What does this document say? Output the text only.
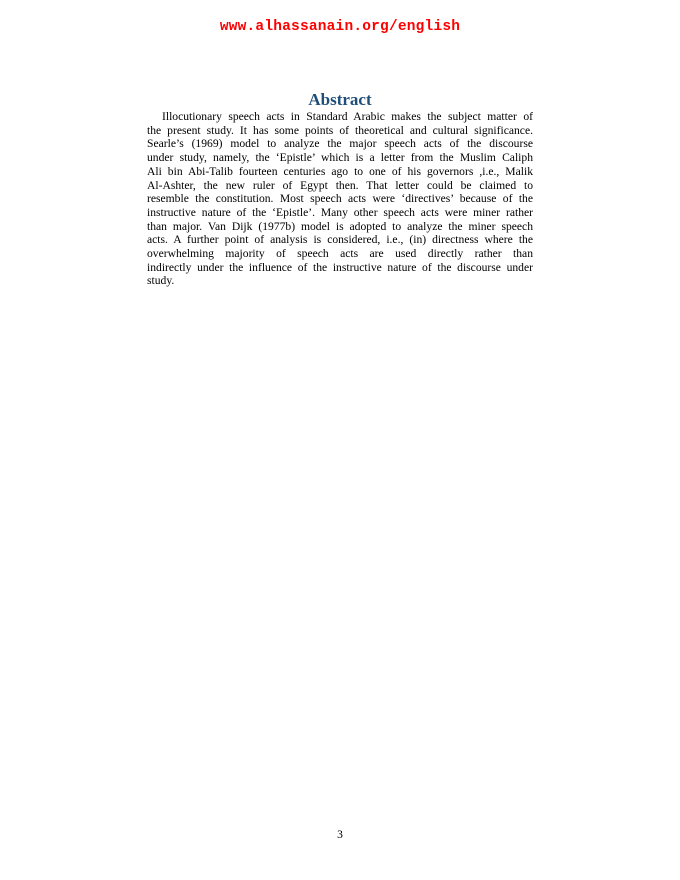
www.alhassanain.org/english
Abstract
Illocutionary speech acts in Standard Arabic makes the subject matter of
the present study. It has some points of theoretical and cultural significance.
Searle’s (1969) model to analyze the major speech acts of the discourse
under study, namely, the ‘Epistle’ which is a letter from the Muslim Caliph
Ali bin Abi-Talib fourteen centuries ago to one of his governors ,i.e., Malik
Al-Ashter, the new ruler of Egypt then. That letter could be claimed to
resemble the constitution. Most speech acts were ‘directives’ because of the
instructive nature of the ‘Epistle’. Many other speech acts were miner rather
than major. Van Dijk (1977b) model is adopted to analyze the miner speech
acts. A further point of analysis is considered, i.e., (in) directness where the
overwhelming majority of speech acts are used directly rather than
indirectly under the influence of the instructive nature of the discourse under
study.
3
